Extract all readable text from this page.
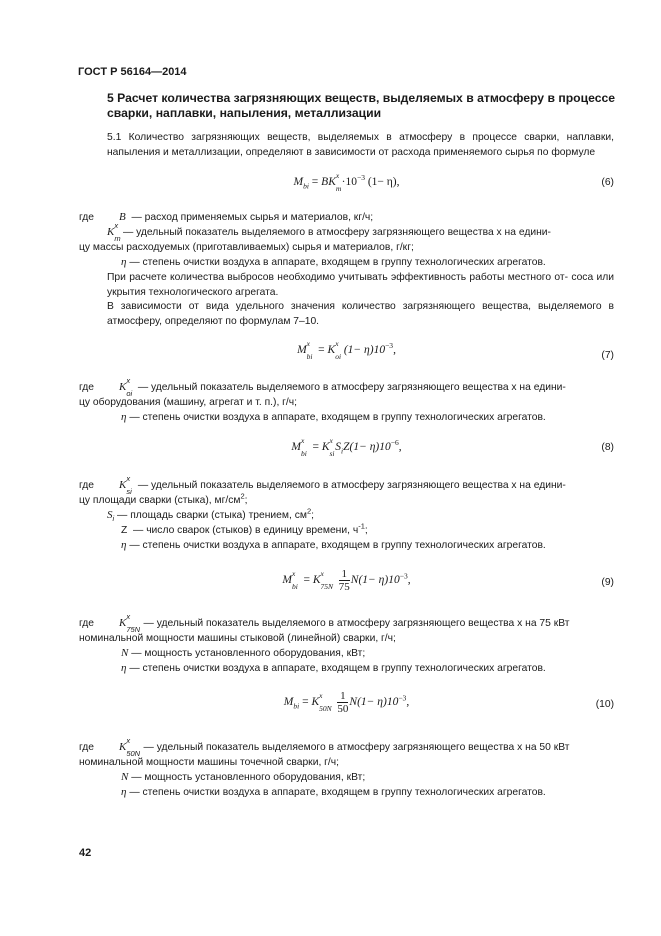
ГОСТ Р 56164—2014
5 Расчет количества загрязняющих веществ, выделяемых в атмосферу в процессе сварки, наплавки, напыления, металлизации
5.1 Количество загрязняющих веществ, выделяемых в атмосферу в процессе сварки, наплавки, напыления и металлизации, определяют в зависимости от расхода применяемого сырья по формуле
$M_{bi}$ = BK
x
m
$\cdot 10^{-3}$ (1− η),	(6)
где B — расход применяемых сырья и материалов, кг/ч;
K
x
m
— удельный показатель выделяемого в атмосферу загрязняющего вещества x на едини-
цу массы расходуемых (приготавливаемых) сырья и материалов, г/кг;
η — степень очистки воздуха в аппарате, входящем в группу технологических агрегатов.
При расчете количества выбросов необходимо учитывать эффективность работы местного от- соса или укрытия технологического агрегата.
В зависимости от вида удельного значения количество загрязняющего вещества, выделяемого в атмосферу, определяют по формулам 7–10.
M
x
bi
= K
x
oi
$(1- \eta)10^{-3}$,	(7)
где K
x
oi
— удельный показатель выделяемого в атмосферу загрязняющего вещества x на едини-
цу оборудования (машину, агрегат и т. п.), г/ч;
η — степень очистки воздуха в аппарате, входящем в группу технологических агрегатов.
M
x
bi
= K
x
si
$S_iZ(1- \eta)10^{-6}$,	(8)
где K
x
si
— удельный показатель выделяемого в атмосферу загрязняющего вещества x на едини-
цу площади сварки (стыка), $мг/см^2$;
$S_i$ — площадь сварки (стыка) трением, $см^2$;
Z — число сварок (стыков) в единицу времени, $ч^{-1}$;
η — степень очистки воздуха в аппарате, входящем в группу технологических агрегатов.
M
x
bi
= K
x
75N
$\frac{1}{75} N(1- \eta)10^{-3}$,	(9)
где K
x
75N
— удельный показатель выделяемого в атмосферу загрязняющего вещества x на 75 кВт
номинальной мощности машины стыковой (линейной) сварки, г/ч;
N — мощность установленного оборудования, кВт;
η — степень очистки воздуха в аппарате, входящем в группу технологических агрегатов.
$M_{bi} = K$
x
50N
$\frac{1}{50} N(1- \eta)10^{-3}$,	(10)
где K
x
50N
— удельный показатель выделяемого в атмосферу загрязняющего вещества x на 50 кВт
номинальной мощности машины точечной сварки, г/ч;
N — мощность установленного оборудования, кВт;
η — степень очистки воздуха в аппарате, входящем в группу технологических агрегатов.
42
